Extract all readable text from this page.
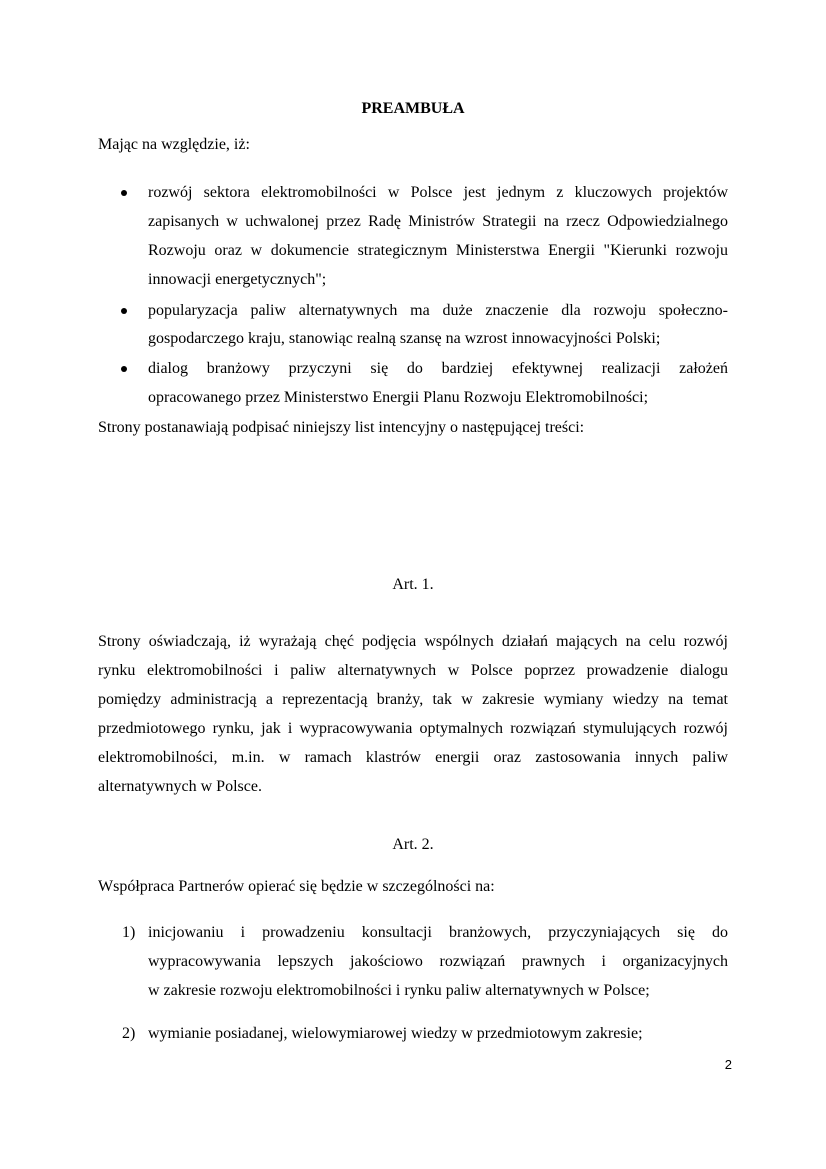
PREAMBUŁA
Mając na względzie, iż:
rozwój sektora elektromobilności w Polsce jest jednym z kluczowych projektów
zapisanych w uchwalonej przez Radę Ministrów Strategii na rzecz Odpowiedzialnego
Rozwoju oraz w dokumencie strategicznym Ministerstwa Energii "Kierunki rozwoju
innowacji energetycznych";
popularyzacja paliw alternatywnych ma duże znaczenie dla rozwoju społeczno-
gospodarczego kraju, stanowiąc realną szansę na wzrost innowacyjności Polski;
dialog branżowy przyczyni się do bardziej efektywnej realizacji założeń
opracowanego przez Ministerstwo Energii Planu Rozwoju Elektromobilności;
Strony postanawiają podpisać niniejszy list intencyjny o następującej treści:
Art. 1.
Strony oświadczają, iż wyrażają chęć podjęcia wspólnych działań mających na celu rozwój
rynku elektromobilności i paliw alternatywnych w Polsce poprzez prowadzenie dialogu
pomiędzy administracją a reprezentacją branży, tak w zakresie wymiany wiedzy na temat
przedmiotowego rynku, jak i wypracowywania optymalnych rozwiązań stymulujących rozwój
elektromobilności, m.in. w ramach klastrów energii oraz zastosowania innych paliw
alternatywnych w Polsce.
Art. 2.
Współpraca Partnerów opierać się będzie w szczególności na:
1) inicjowaniu i prowadzeniu konsultacji branżowych, przyczyniających się do
wypracowywania lepszych jakościowo rozwiązań prawnych i organizacyjnych
w zakresie rozwoju elektromobilności i rynku paliw alternatywnych w Polsce;
2) wymianie posiadanej, wielowymiarowej wiedzy w przedmiotowym zakresie;
2
